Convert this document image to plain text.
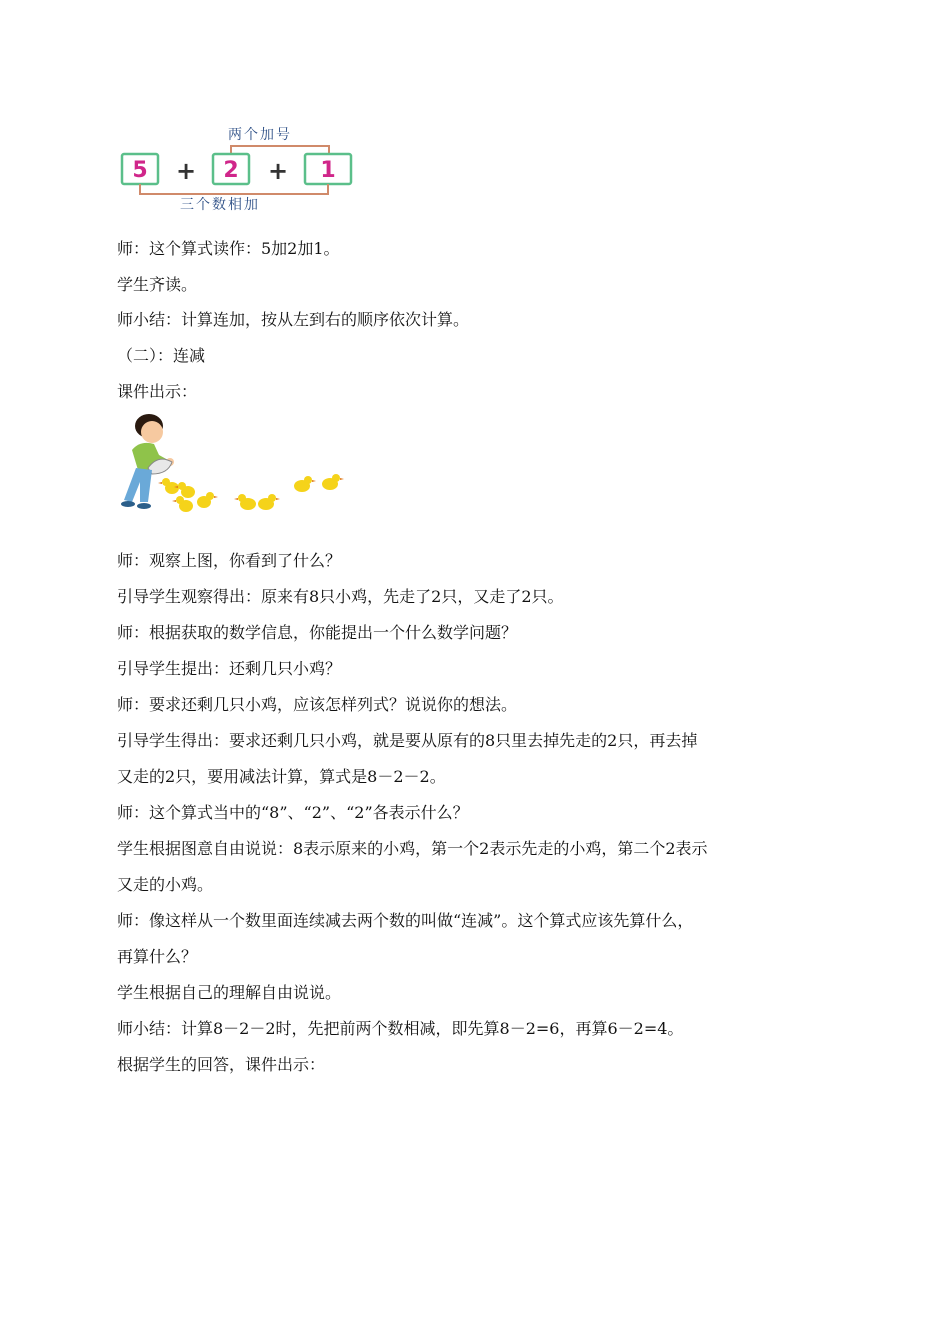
两个加号
5 + 2 + 1
三个数相加
师：这个算式读作：5加2加1。
学生齐读。
师小结：计算连加，按从左到右的顺序依次计算。
（二）：连减
课件出示：
师：观察上图，你看到了什么？
引导学生观察得出：原来有8只小鸡，先走了2只，又走了2只。
师：根据获取的数学信息，你能提出一个什么数学问题？
引导学生提出：还剩几只小鸡？
师：要求还剩几只小鸡，应该怎样列式？说说你的想法。
引导学生得出：要求还剩几只小鸡，就是要从原有的8只里去掉先走的2只，再去掉
又走的2只，要用减法计算，算式是8－2－2。
师：这个算式当中的“8”、“2”、“2”各表示什么？
学生根据图意自由说说：8表示原来的小鸡，第一个2表示先走的小鸡，第二个2表示
又走的小鸡。
师：像这样从一个数里面连续减去两个数的叫做“连减”。这个算式应该先算什么，
再算什么？
学生根据自己的理解自由说说。
师小结：计算8－2－2时，先把前两个数相减，即先算8－2=6，再算6－2=4。
根据学生的回答，课件出示：
